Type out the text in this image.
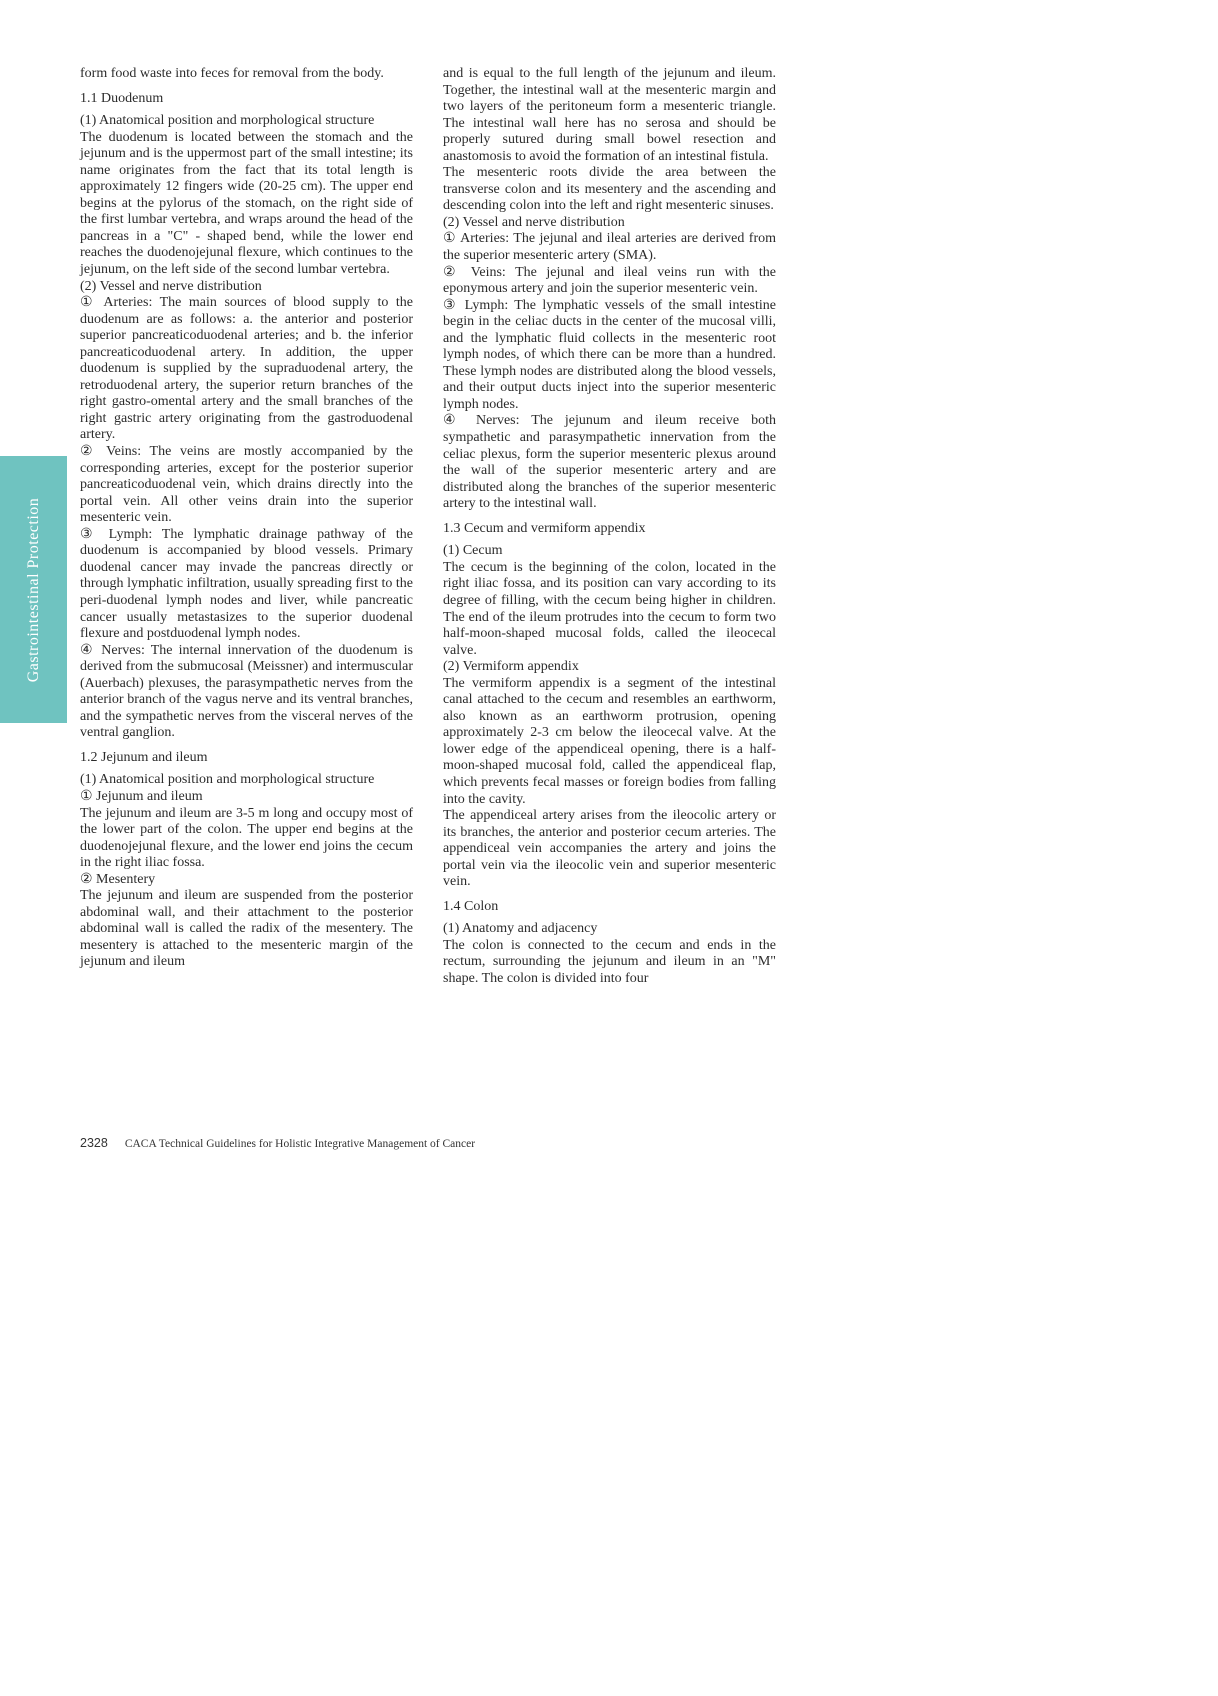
Gastrointestinal Protection

form food waste into feces for removal from the body.

1.1 Duodenum

(1) Anatomical position and morphological structure

The duodenum is located between the stomach and the jejunum and is the uppermost part of the small intestine; its name originates from the fact that its total length is approximately 12 fingers wide (20-25 cm). The upper end begins at the pylorus of the stomach, on the right side of the first lumbar vertebra, and wraps around the head of the pancreas in a "C" - shaped bend, while the lower end reaches the duodenojejunal flexure, which continues to the jejunum, on the left side of the second lumbar vertebra.

(2) Vessel and nerve distribution

① Arteries: The main sources of blood supply to the duodenum are as follows: a. the anterior and posterior superior pancreaticoduodenal arteries; and b. the inferior pancreaticoduodenal artery. In addition, the upper duodenum is supplied by the supraduodenal artery, the retroduodenal artery, the superior return branches of the right gastro-omental artery and the small branches of the right gastric artery originating from the gastroduodenal artery.

② Veins: The veins are mostly accompanied by the corresponding arteries, except for the posterior superior pancreaticoduodenal vein, which drains directly into the portal vein. All other veins drain into the superior mesenteric vein.

③ Lymph: The lymphatic drainage pathway of the duodenum is accompanied by blood vessels. Primary duodenal cancer may invade the pancreas directly or through lymphatic infiltration, usually spreading first to the peri-duodenal lymph nodes and liver, while pancreatic cancer usually metastasizes to the superior duodenal flexure and postduodenal lymph nodes.

④ Nerves: The internal innervation of the duodenum is derived from the submucosal (Meissner) and intermuscular (Auerbach) plexuses, the parasympathetic nerves from the anterior branch of the vagus nerve and its ventral branches, and the sympathetic nerves from the visceral nerves of the ventral ganglion.

1.2 Jejunum and ileum

(1) Anatomical position and morphological structure

① Jejunum and ileum

The jejunum and ileum are 3-5 m long and occupy most of the lower part of the colon. The upper end begins at the duodenojejunal flexure, and the lower end joins the cecum in the right iliac fossa.

② Mesentery

The jejunum and ileum are suspended from the posterior abdominal wall, and their attachment to the posterior abdominal wall is called the radix of the mesentery. The mesentery is attached to the mesenteric margin of the jejunum and ileum

and is equal to the full length of the jejunum and ileum. Together, the intestinal wall at the mesenteric margin and two layers of the peritoneum form a mesenteric triangle. The intestinal wall here has no serosa and should be properly sutured during small bowel resection and anastomosis to avoid the formation of an intestinal fistula.

The mesenteric roots divide the area between the transverse colon and its mesentery and the ascending and descending colon into the left and right mesenteric sinuses.

(2) Vessel and nerve distribution

① Arteries: The jejunal and ileal arteries are derived from the superior mesenteric artery (SMA).

② Veins: The jejunal and ileal veins run with the eponymous artery and join the superior mesenteric vein.

③ Lymph: The lymphatic vessels of the small intestine begin in the celiac ducts in the center of the mucosal villi, and the lymphatic fluid collects in the mesenteric root lymph nodes, of which there can be more than a hundred. These lymph nodes are distributed along the blood vessels, and their output ducts inject into the superior mesenteric lymph nodes.

④ Nerves: The jejunum and ileum receive both sympathetic and parasympathetic innervation from the celiac plexus, form the superior mesenteric plexus around the wall of the superior mesenteric artery and are distributed along the branches of the superior mesenteric artery to the intestinal wall.

1.3 Cecum and vermiform appendix

(1) Cecum

The cecum is the beginning of the colon, located in the right iliac fossa, and its position can vary according to its degree of filling, with the cecum being higher in children. The end of the ileum protrudes into the cecum to form two half-moon-shaped mucosal folds, called the ileocecal valve.

(2) Vermiform appendix

The vermiform appendix is a segment of the intestinal canal attached to the cecum and resembles an earthworm, also known as an earthworm protrusion, opening approximately 2-3 cm below the ileocecal valve. At the lower edge of the appendiceal opening, there is a half-moon-shaped mucosal fold, called the appendiceal flap, which prevents fecal masses or foreign bodies from falling into the cavity.

The appendiceal artery arises from the ileocolic artery or its branches, the anterior and posterior cecum arteries. The appendiceal vein accompanies the artery and joins the portal vein via the ileocolic vein and superior mesenteric vein.

1.4 Colon

(1) Anatomy and adjacency

The colon is connected to the cecum and ends in the rectum, surrounding the jejunum and ileum in an "M" shape. The colon is divided into four

2328 CACA Technical Guidelines for Holistic Integrative Management of Cancer
